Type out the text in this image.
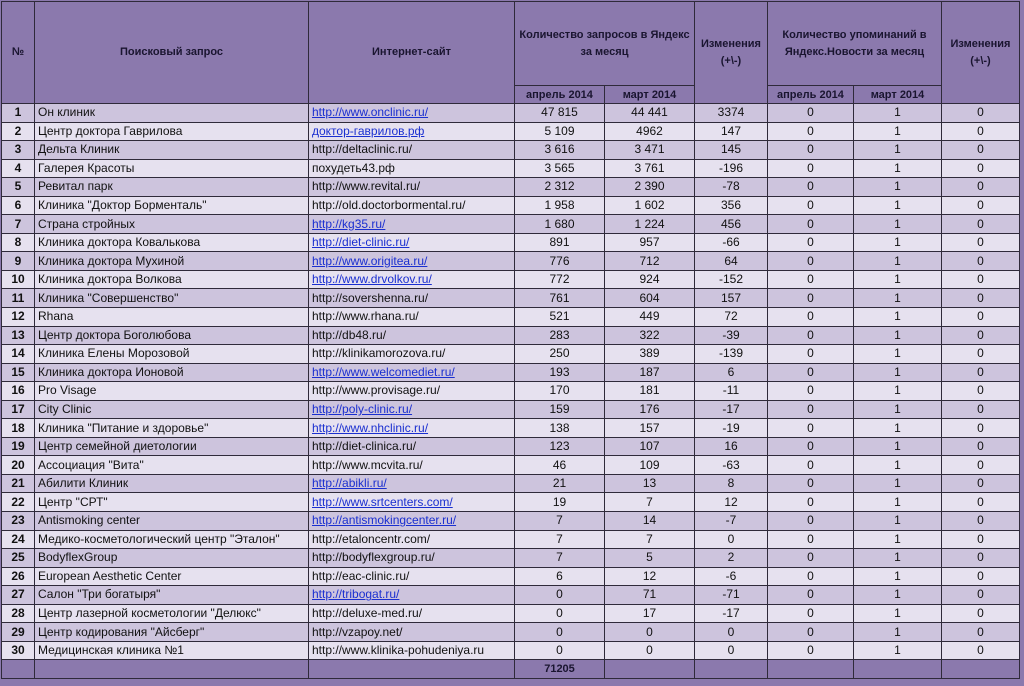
№	Поисковый запрос	Интернет-сайт	Количество запросов в Яндекс за месяц		Изменения (+\-)	Количество упоминаний в Яндекс.Новости за месяц		Изменения (+\-)
			апрель 2014	март 2014		апрель 2014	март 2014	
1	Он клиник	http://www.onclinic.ru/	47 815	44 441	3374	0	1	0
2	Центр доктора Гаврилова	доктор-гаврилов.рф	5 109	4962	147	0	1	0
3	Дельта Клиник	http://deltaclinic.ru/	3 616	3 471	145	0	1	0
4	Галерея Красоты	похудеть43.рф	3 565	3 761	-196	0	1	0
5	Ревитал парк	http://www.revital.ru/	2 312	2 390	-78	0	1	0
6	Клиника "Доктор Борменталь"	http://old.doctorbormental.ru/	1 958	1 602	356	0	1	0
7	Страна стройных	http://kg35.ru/	1 680	1 224	456	0	1	0
8	Клиника доктора Ковалькова	http://diet-clinic.ru/	891	957	-66	0	1	0
9	Клиника доктора Мухиной	http://www.origitea.ru/	776	712	64	0	1	0
10	Клиника доктора Волкова	http://www.drvolkov.ru/	772	924	-152	0	1	0
11	Клиника "Совершенство"	http://sovershenna.ru/	761	604	157	0	1	0
12	Rhana	http://www.rhana.ru/	521	449	72	0	1	0
13	Центр доктора Боголюбова	http://db48.ru/	283	322	-39	0	1	0
14	Клиника Елены Морозовой	http://klinikamorozova.ru/	250	389	-139	0	1	0
15	Клиника доктора Ионовой	http://www.welcomediet.ru/	193	187	6	0	1	0
16	Pro Visage	http://www.provisage.ru/	170	181	-11	0	1	0
17	City Clinic	http://poly-clinic.ru/	159	176	-17	0	1	0
18	Клиника "Питание и здоровье"	http://www.nhclinic.ru/	138	157	-19	0	1	0
19	Центр семейной диетологии	http://diet-clinica.ru/	123	107	16	0	1	0
20	Ассоциация "Вита"	http://www.mcvita.ru/	46	109	-63	0	1	0
21	Абилити Клиник	http://abikli.ru/	21	13	8	0	1	0
22	Центр "СРТ"	http://www.srtcenters.com/	19	7	12	0	1	0
23	Antismoking center	http://antismokingcenter.ru/	7	14	-7	0	1	0
24	Медико-косметологический центр "Эталон"	http://etaloncentr.com/	7	7	0	0	1	0
25	BodyflexGroup	http://bodyflexgroup.ru/	7	5	2	0	1	0
26	European Aesthetic Center	http://eac-clinic.ru/	6	12	-6	0	1	0
27	Салон "Три богатыря"	http://tribogat.ru/	0	71	-71	0	1	0
28	Центр лазерной косметологии "Делюкс"	http://deluxe-med.ru/	0	17	-17	0	1	0
29	Центр кодирования "Айсберг"	http://vzapoy.net/	0	0	0	0	1	0
30	Медицинская клиника №1	http://www.klinika-pohudeniya.ru	0	0	0	0	1	0
			71205					
